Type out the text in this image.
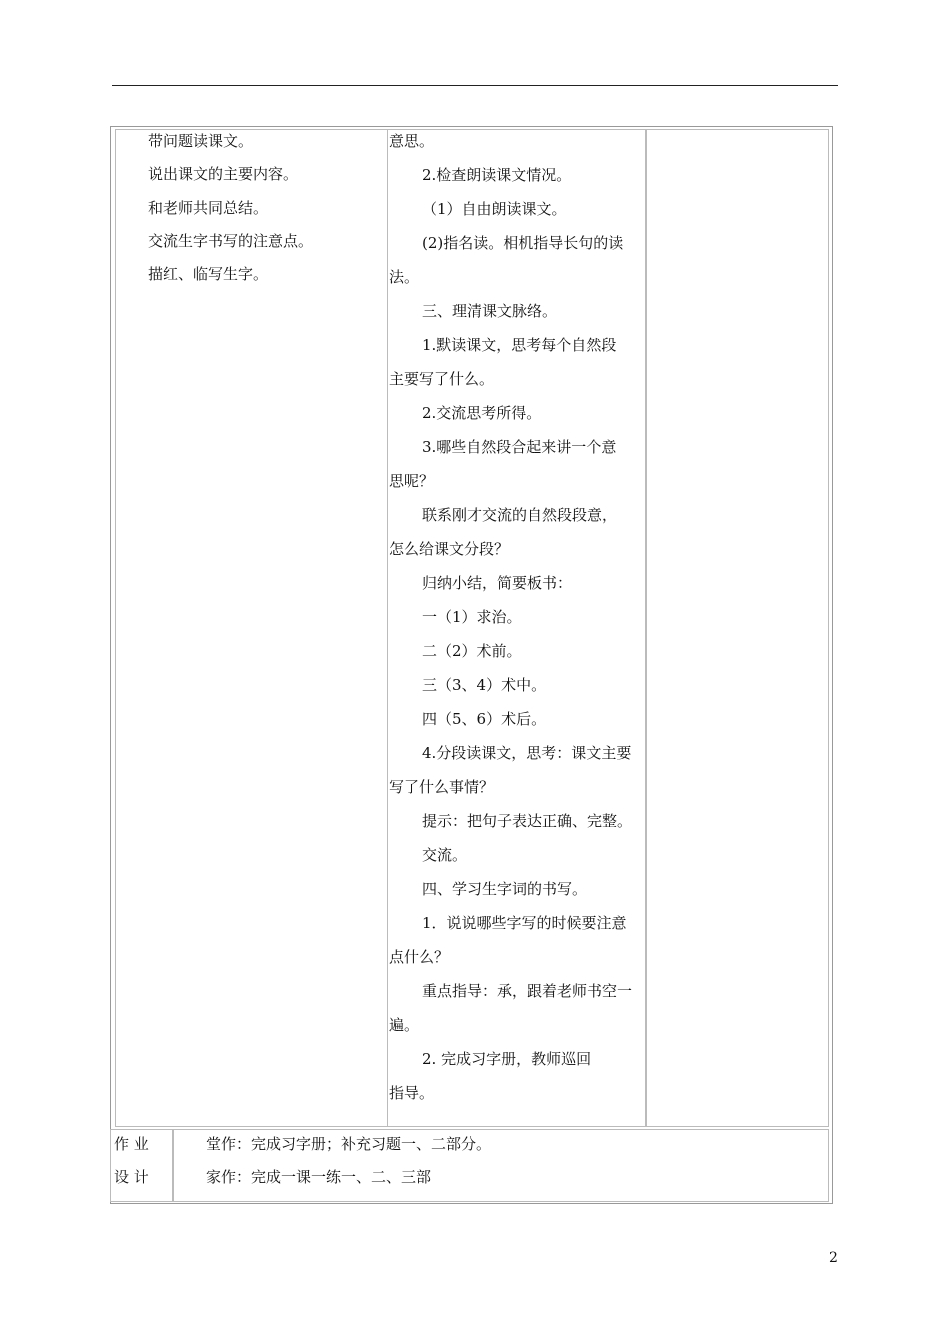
带问题读课文。
说出课文的主要内容。
和老师共同总结。
交流生字书写的注意点。
描红、临写生字。
意思。
2.检查朗读课文情况。
（1）自由朗读课文。
(2)指名读。相机指导长句的读
法。
三、理清课文脉络。
1.默读课文，思考每个自然段
主要写了什么。
2.交流思考所得。
3.哪些自然段合起来讲一个意
思呢？
联系刚才交流的自然段段意，
怎么给课文分段？
归纳小结，简要板书：
一（1）求治。
二（2）术前。
三（3、4）术中。
四（5、6）术后。
4.分段读课文，思考：课文主要
写了什么事情？
提示：把句子表达正确、完整。
交流。
四、学习生字词的书写。
1．说说哪些字写的时候要注意
点什么？
重点指导：承，跟着老师书空一
遍。
2. 完成习字册，教师巡回
指导。
作 业
设 计
堂作：完成习字册；补充习题一、二部分。
家作：完成一课一练一、二、三部
2
